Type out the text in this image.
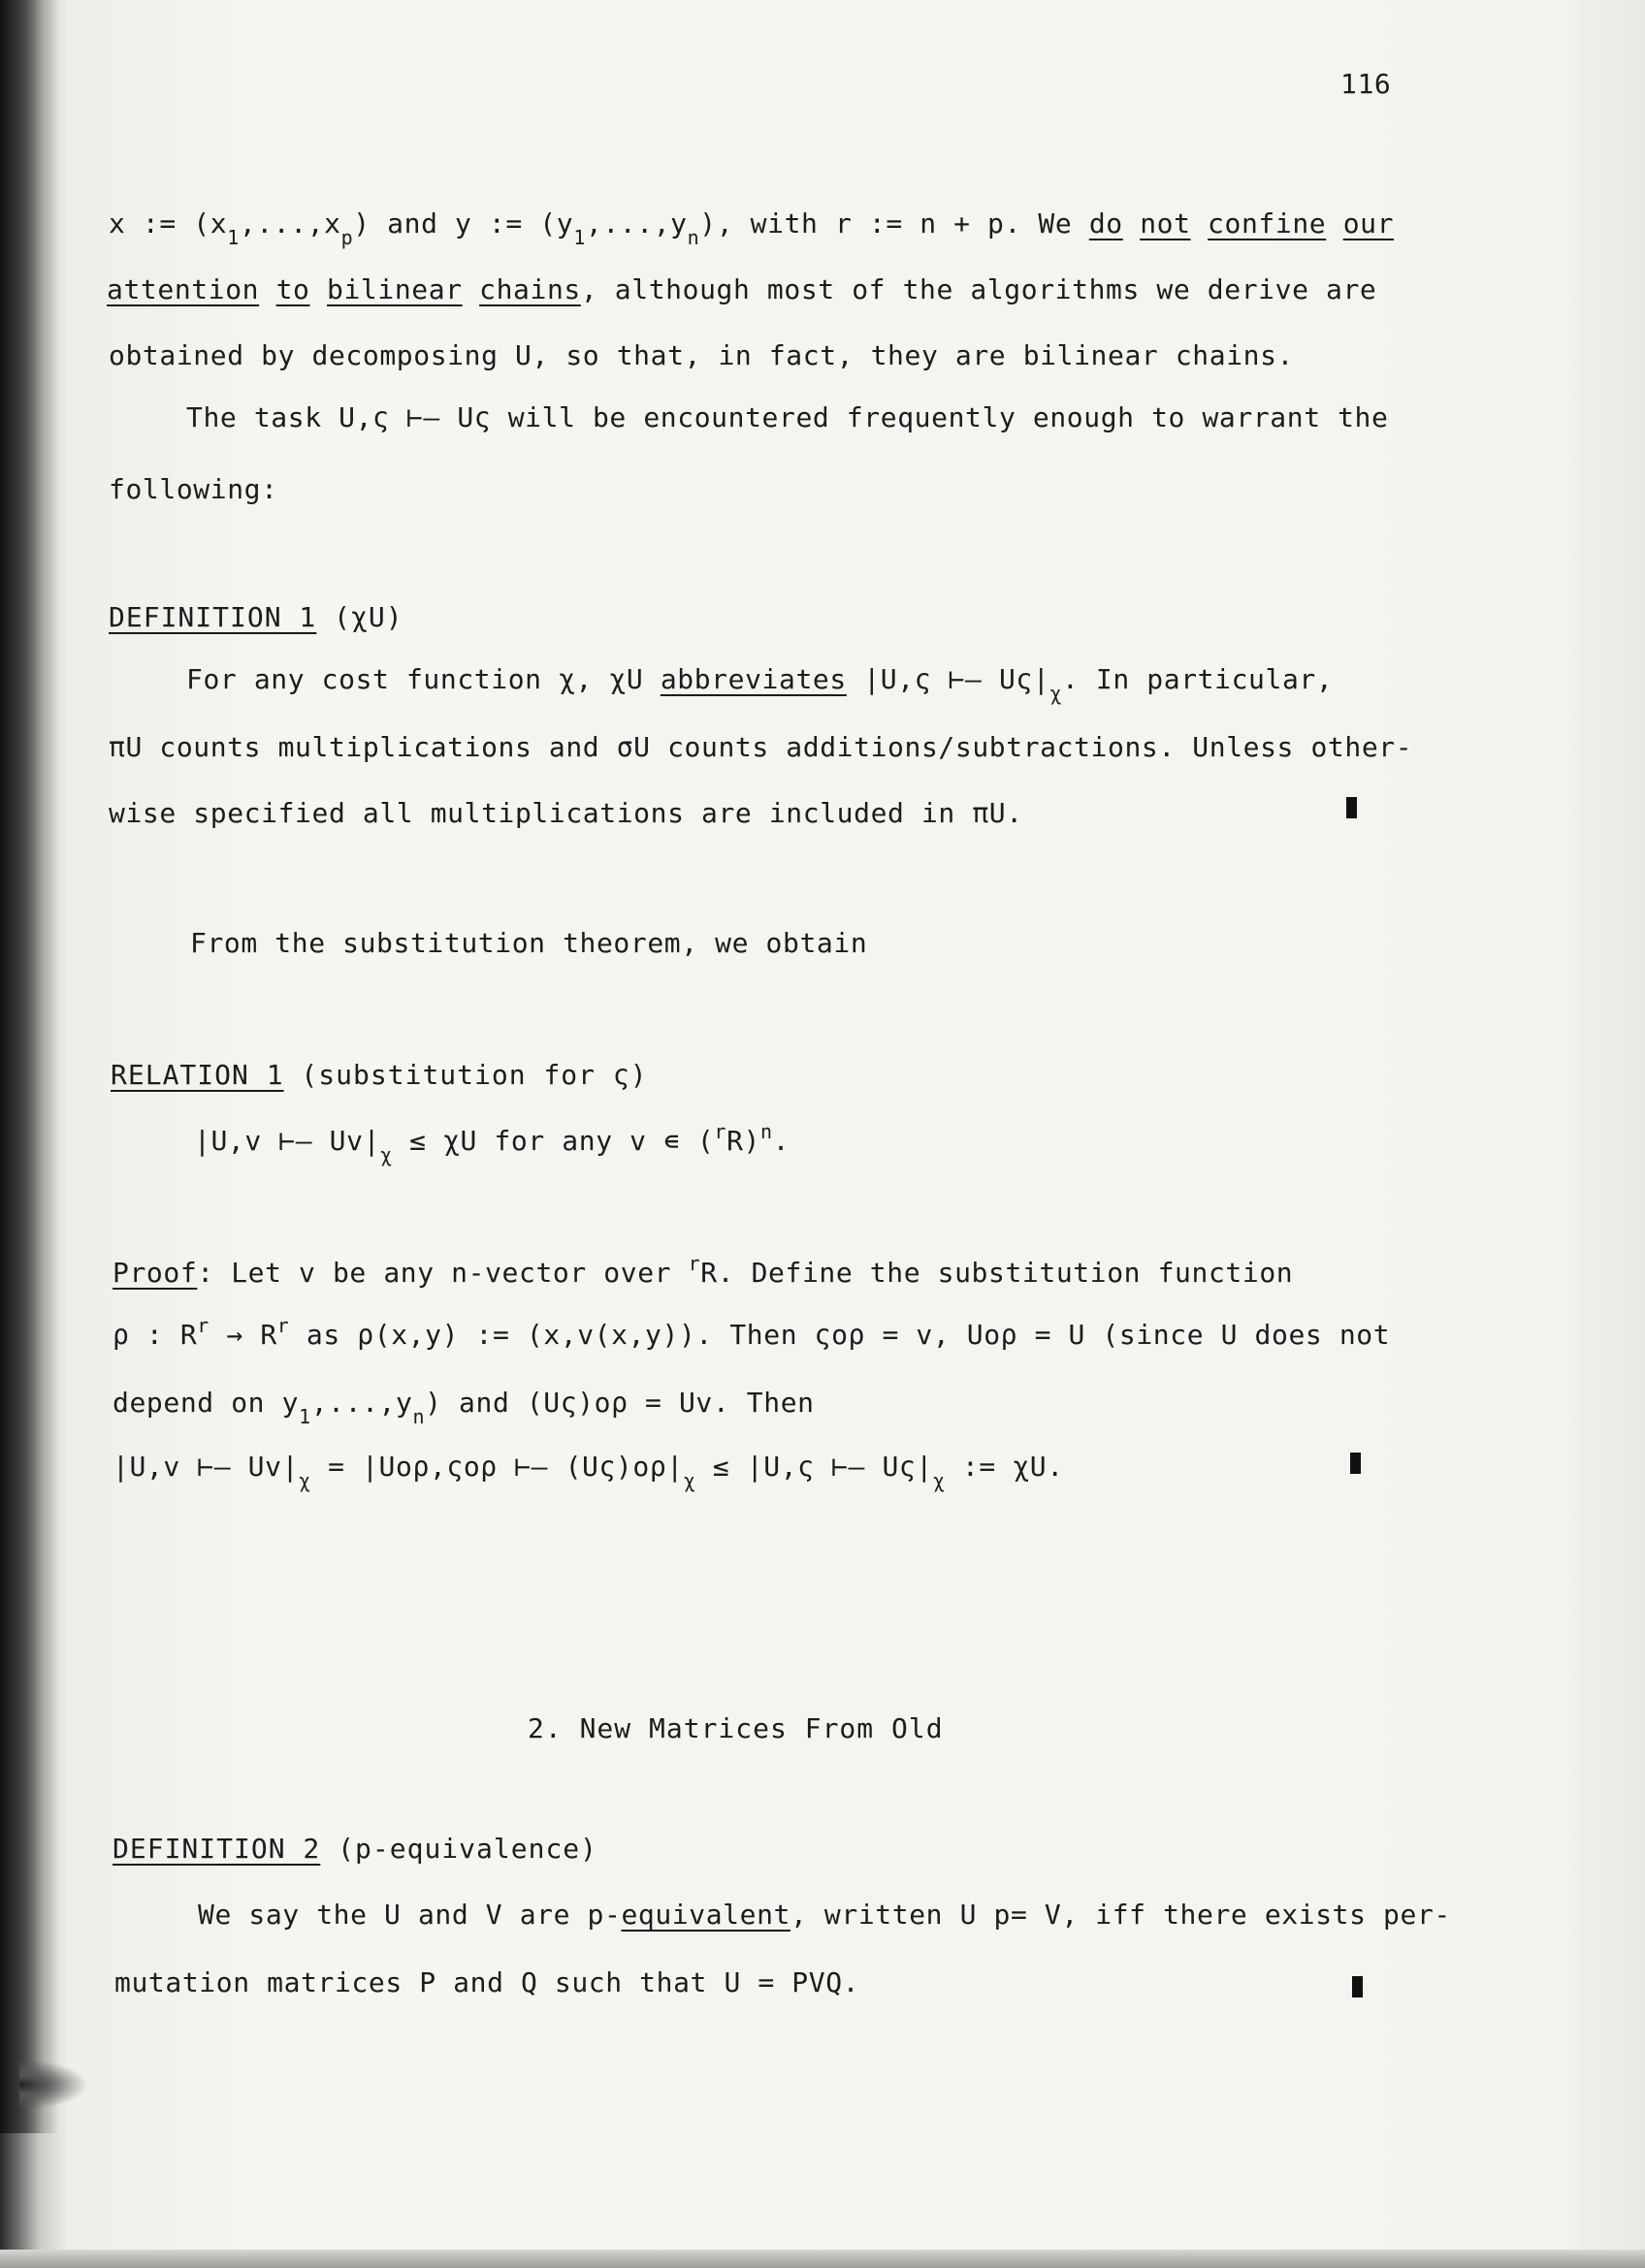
116
x := $(x_1,...,x_p)$ and y := $(y_1,...,y_n)$, with r := n + p. We do not confine our
attention to bilinear chains, although most of the algorithms we derive are
obtained by decomposing U, so that, in fact, they are bilinear chains.
The task U,ς ⊢— Uς will be encountered frequently enough to warrant the
following:
DEFINITION 1 (χU)
For any cost function χ, χU abbreviates |U,ς ⊢— $U\varsigma|_\chi$. In particular,
πU counts multiplications and σU counts additions/subtractions. Unless other-
wise specified all multiplications are included in πU.
From the substitution theorem, we obtain
RELATION 1 (substitution for ς)
|U,v ⊢— $Uv|_\chi \le \chi U$ for any v ∊ $(^rR)^n$.
Proof: Let v be any n-vector over $^r$R. Define the substitution function
ρ : $R^r \to R^r$ as ρ(x,y) := (x,v(x,y)). Then ςoρ = v, Uoρ = U (since U does not
depend on $y_1,...,y_n$) and (Uς)oρ = Uv. Then
|U,v ⊢— $Uv|_\chi = |Uo\rho,\varsigma o\rho$ ⊢— $(U\varsigma)o\rho|_\chi \le |U,\varsigma$ ⊢— $U\varsigma|_\chi$ := χU.
2. New Matrices From Old
DEFINITION 2 (p-equivalence)
We say the U and V are p-equivalent, written U p= V, iff there exists per-
mutation matrices P and Q such that U = PVQ.
